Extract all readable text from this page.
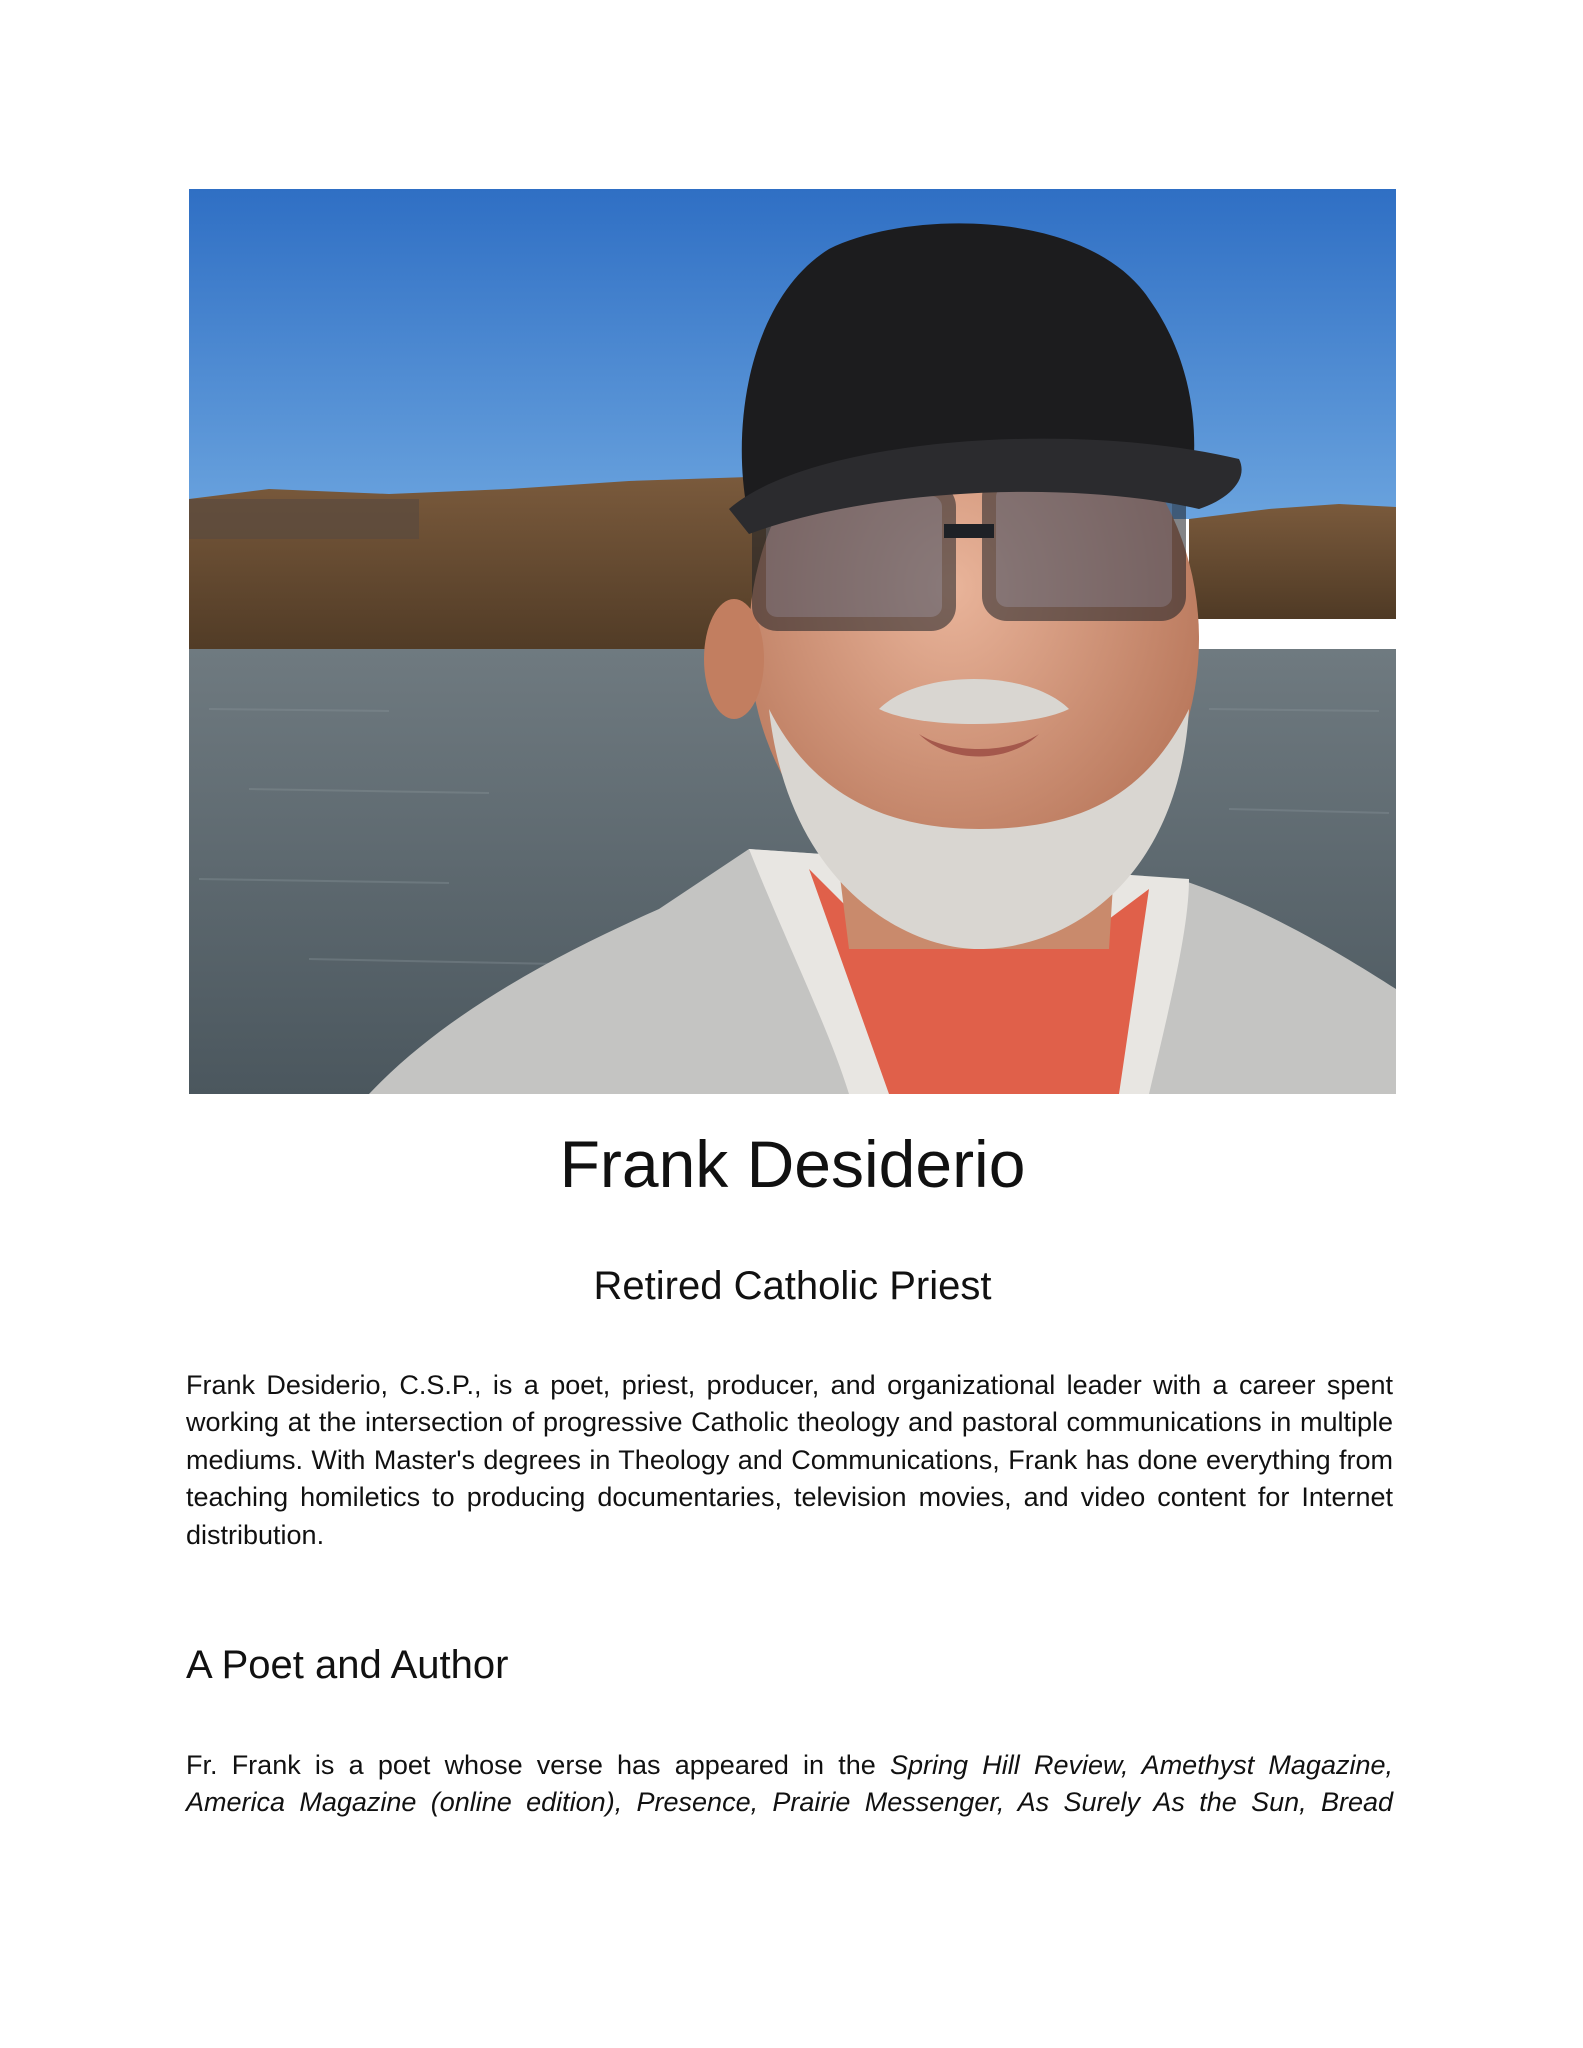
Frank Desiderio
Retired Catholic Priest

Frank Desiderio, C.S.P., is a poet, priest, producer, and organizational leader with a career spent working at the intersection of progressive Catholic theology and pastoral communications in multiple mediums. With Master's degrees in Theology and Communications, Frank has done everything from teaching homiletics to producing documentaries, television movies, and video content for Internet distribution.

A Poet and Author

Fr. Frank is a poet whose verse has appeared in the Spring Hill Review, Amethyst Magazine, America Magazine (online edition), Presence, Prairie Messenger, As Surely As the Sun, Bread
